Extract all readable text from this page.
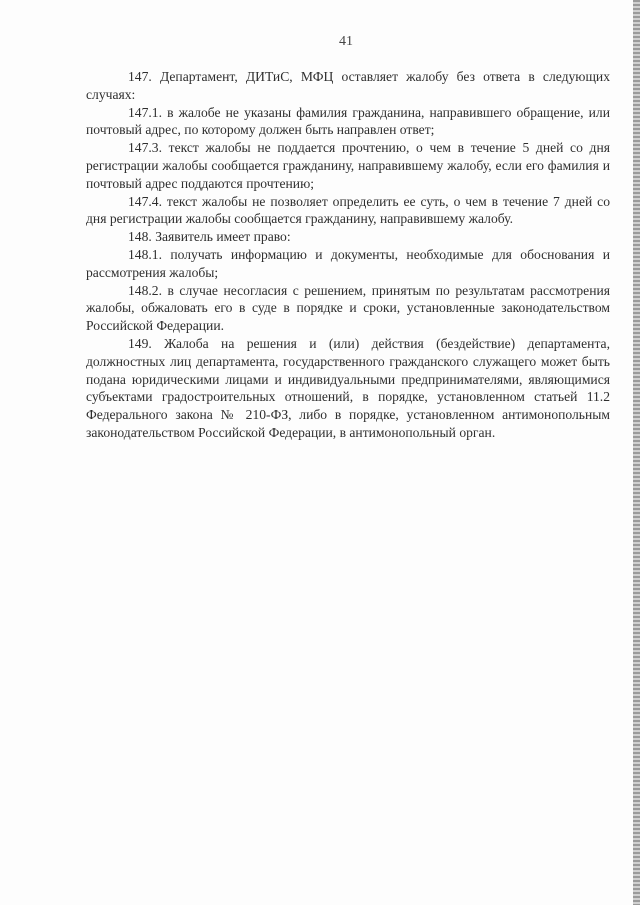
41

147. Департамент, ДИТиС, МФЦ оставляет жалобу без ответа в следующих случаях:

147.1. в жалобе не указаны фамилия гражданина, направившего обращение, или почтовый адрес, по которому должен быть направлен ответ;

147.3. текст жалобы не поддается прочтению, о чем в течение 5 дней со дня регистрации жалобы сообщается гражданину, направившему жалобу, если его фамилия и почтовый адрес поддаются прочтению;

147.4. текст жалобы не позволяет определить ее суть, о чем в течение 7 дней со дня регистрации жалобы сообщается гражданину, направившему жалобу.

148. Заявитель имеет право:

148.1. получать информацию и документы, необходимые для обоснования и рассмотрения жалобы;

148.2. в случае несогласия с решением, принятым по результатам рассмотрения жалобы, обжаловать его в суде в порядке и сроки, установленные законодательством Российской Федерации.

149. Жалоба на решения и (или) действия (бездействие) департамента, должностных лиц департамента, государственного гражданского служащего может быть подана юридическими лицами и индивидуальными предпринимателями, являющимися субъектами градостроительных отношений, в порядке, установленном статьей 11.2 Федерального закона № 210-ФЗ, либо в порядке, установленном антимонопольным законодательством Российской Федерации, в антимонопольный орган.
